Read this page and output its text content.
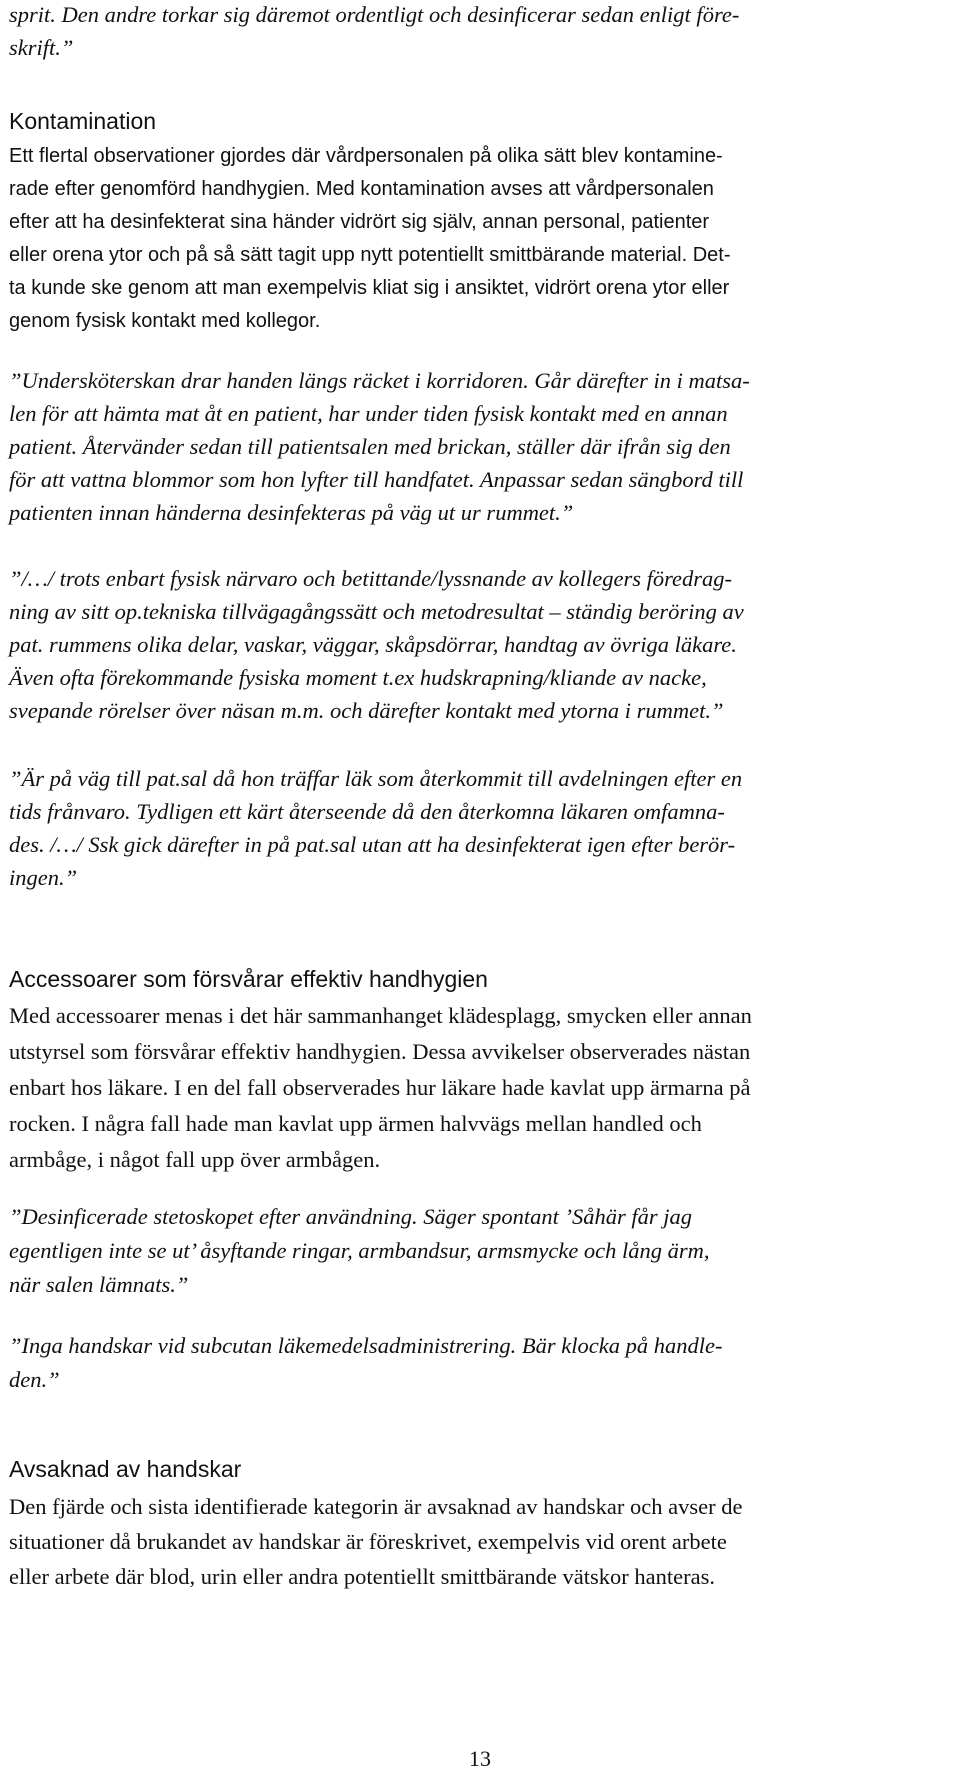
sprit. Den andre torkar sig däremot ordentligt och desinficerar sedan enligt före-

skrift.”

Kontamination

Ett flertal observationer gjordes där vårdpersonalen på olika sätt blev kontamine-

rade efter genomförd handhygien. Med kontamination avses att vårdpersonalen

efter att ha desinfekterat sina händer vidrört sig själv, annan personal, patienter

eller orena ytor och på så sätt tagit upp nytt potentiellt smittbärande material. Det-

ta kunde ske genom att man exempelvis kliat sig i ansiktet, vidrört orena ytor eller

genom fysisk kontakt med kollegor.

”Undersköterskan drar handen längs räcket i korridoren. Går därefter in i matsa-

len för att hämta mat åt en patient, har under tiden fysisk kontakt med en annan

patient. Återvänder sedan till patientsalen med brickan, ställer där ifrån sig den

för att vattna blommor som hon lyfter till handfatet. Anpassar sedan sängbord till

patienten innan händerna desinfekteras på väg ut ur rummet.”

”/…/ trots enbart fysisk närvaro och betittande/lyssnande av kollegers föredrag-

ning av sitt op.tekniska tillvägagångssätt och metodresultat – ständig beröring av

pat. rummens olika delar, vaskar, väggar, skåpsdörrar, handtag av övriga läkare.

Även ofta förekommande fysiska moment t.ex hudskrapning/kliande av nacke,

svepande rörelser över näsan m.m. och därefter kontakt med ytorna i rummet.”

”Är på väg till pat.sal då hon träffar läk som återkommit till avdelningen efter en

tids frånvaro. Tydligen ett kärt återseende då den återkomna läkaren omfamna-

des. /…/ Ssk gick därefter in på pat.sal utan att ha desinfekterat igen efter berör-

ingen.”

Accessoarer som försvårar effektiv handhygien

Med accessoarer menas i det här sammanhanget klädesplagg, smycken eller annan

utstyrsel som försvårar effektiv handhygien. Dessa avvikelser observerades nästan

enbart hos läkare. I en del fall observerades hur läkare hade kavlat upp ärmarna på

rocken. I några fall hade man kavlat upp ärmen halvvägs mellan handled och

armbåge, i något fall upp över armbågen.

”Desinficerade stetoskopet efter användning. Säger spontant ’Såhär får jag

egentligen inte se ut’ åsyftande ringar, armbandsur, armsmycke och lång ärm,

när salen lämnats.”

”Inga handskar vid subcutan läkemedelsadministrering. Bär klocka på handle-

den.”

Avsaknad av handskar

Den fjärde och sista identifierade kategorin är avsaknad av handskar och avser de

situationer då brukandet av handskar är föreskrivet, exempelvis vid orent arbete

eller arbete där blod, urin eller andra potentiellt smittbärande vätskor hanteras.

13
